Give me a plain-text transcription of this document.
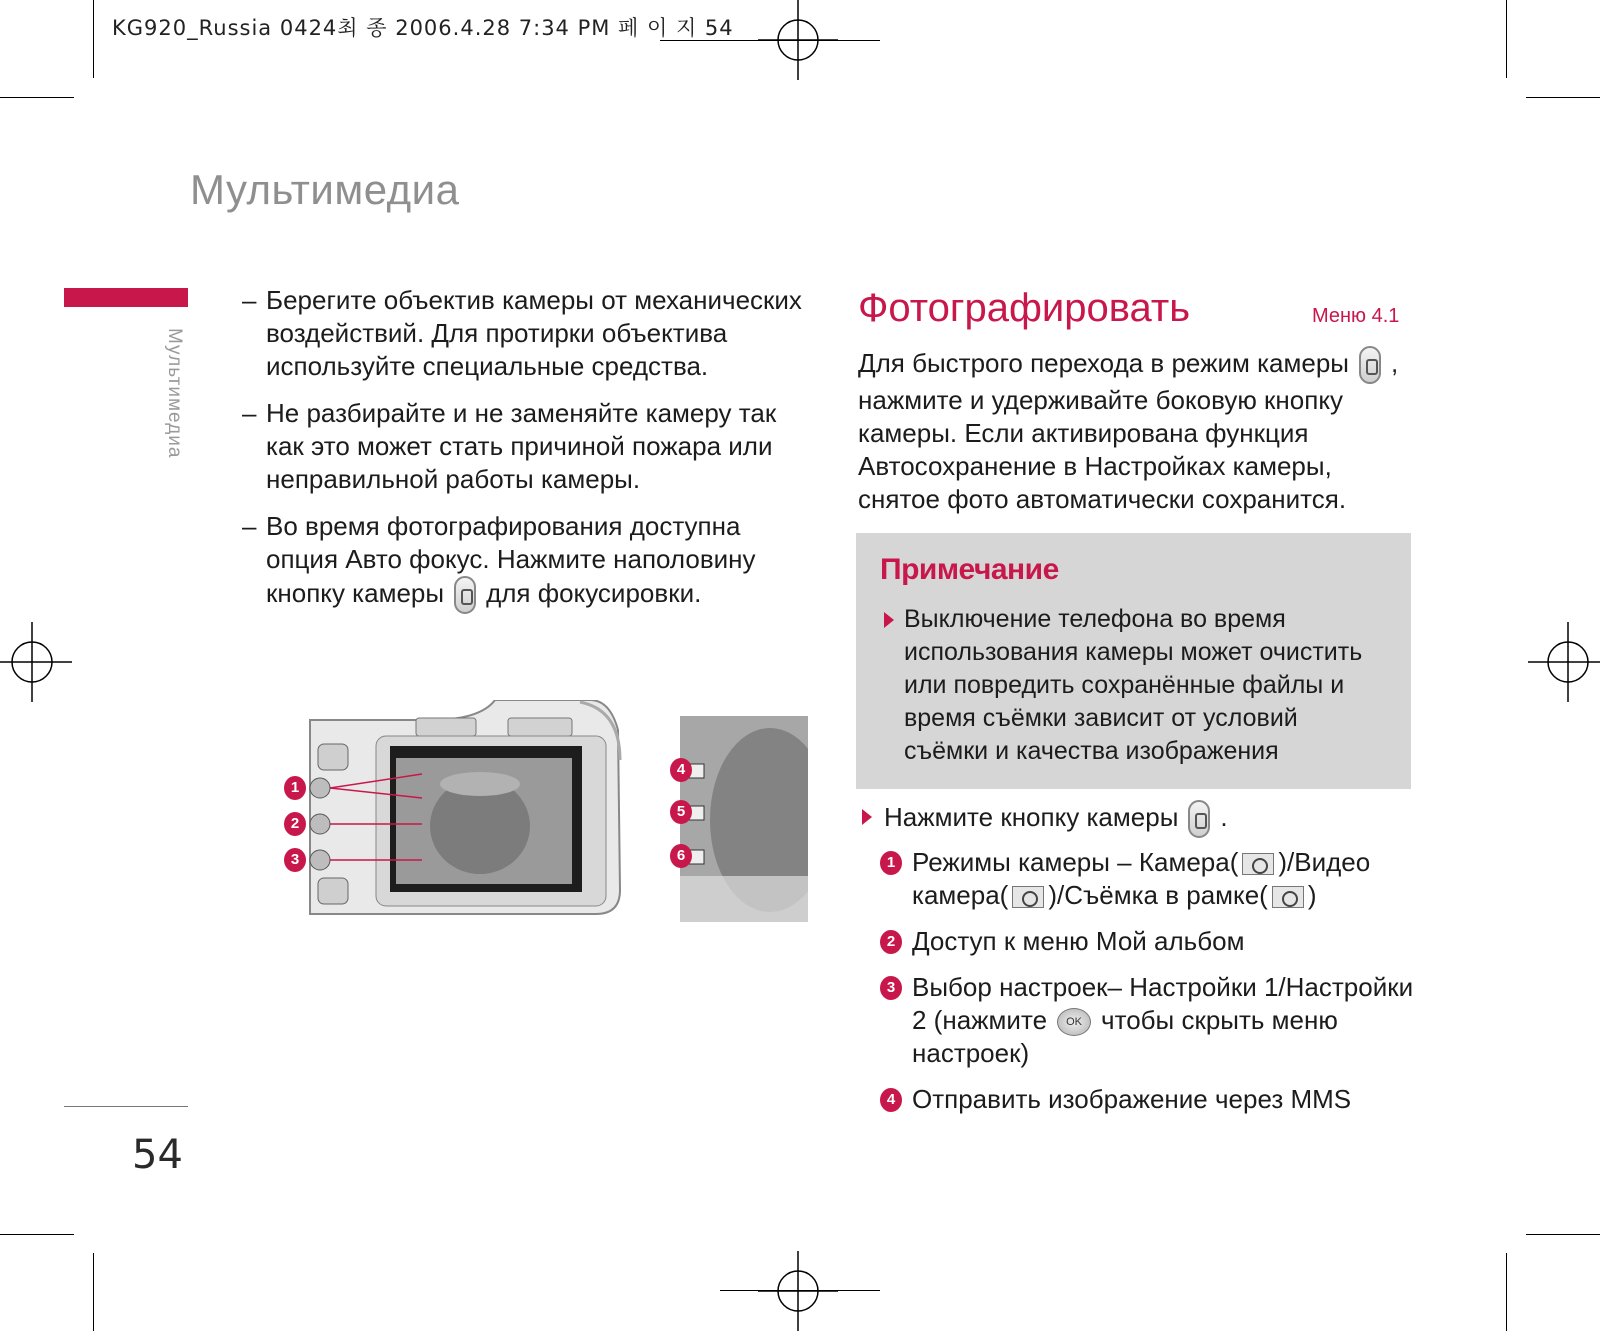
KG920_Russia 0424최 종 2006.4.28 7:34 PM 페 이 지 54
Мультимедиа
Мультимедиа
54
– Берегите объектив камеры от механических воздействий. Для протирки объектива используйте специальные средства.
– Не разбирайте и не заменяйте камеру так как это может стать причиной пожара или неправильной работы камеры.
– Во время фотографирования доступна опция Авто фокус. Нажмите наполовину кнопку камеры для фокусировки.
1
2
3
4
5
6
Фотографировать	Меню 4.1
Для быстрого перехода в режим камеры , нажмите и удерживайте боковую кнопку камеры. Если активирована функция Автосохранение в Настройках камеры, снятое фото автоматически сохранится.
Примечание
Выключение телефона во время использования камеры может очистить или повредить сохранённые файлы и время съёмки зависит от условий съёмки и качества изображения
Нажмите кнопку камеры .
1 Режимы камеры – Камера( )/Видео камера( )/Съёмка в рамке( )
2 Доступ к меню Мой альбом
3 Выбор настроек– Настройки 1/Настройки 2 (нажмите OK чтобы скрыть меню настроек)
4 Отправить изображение через MMS
